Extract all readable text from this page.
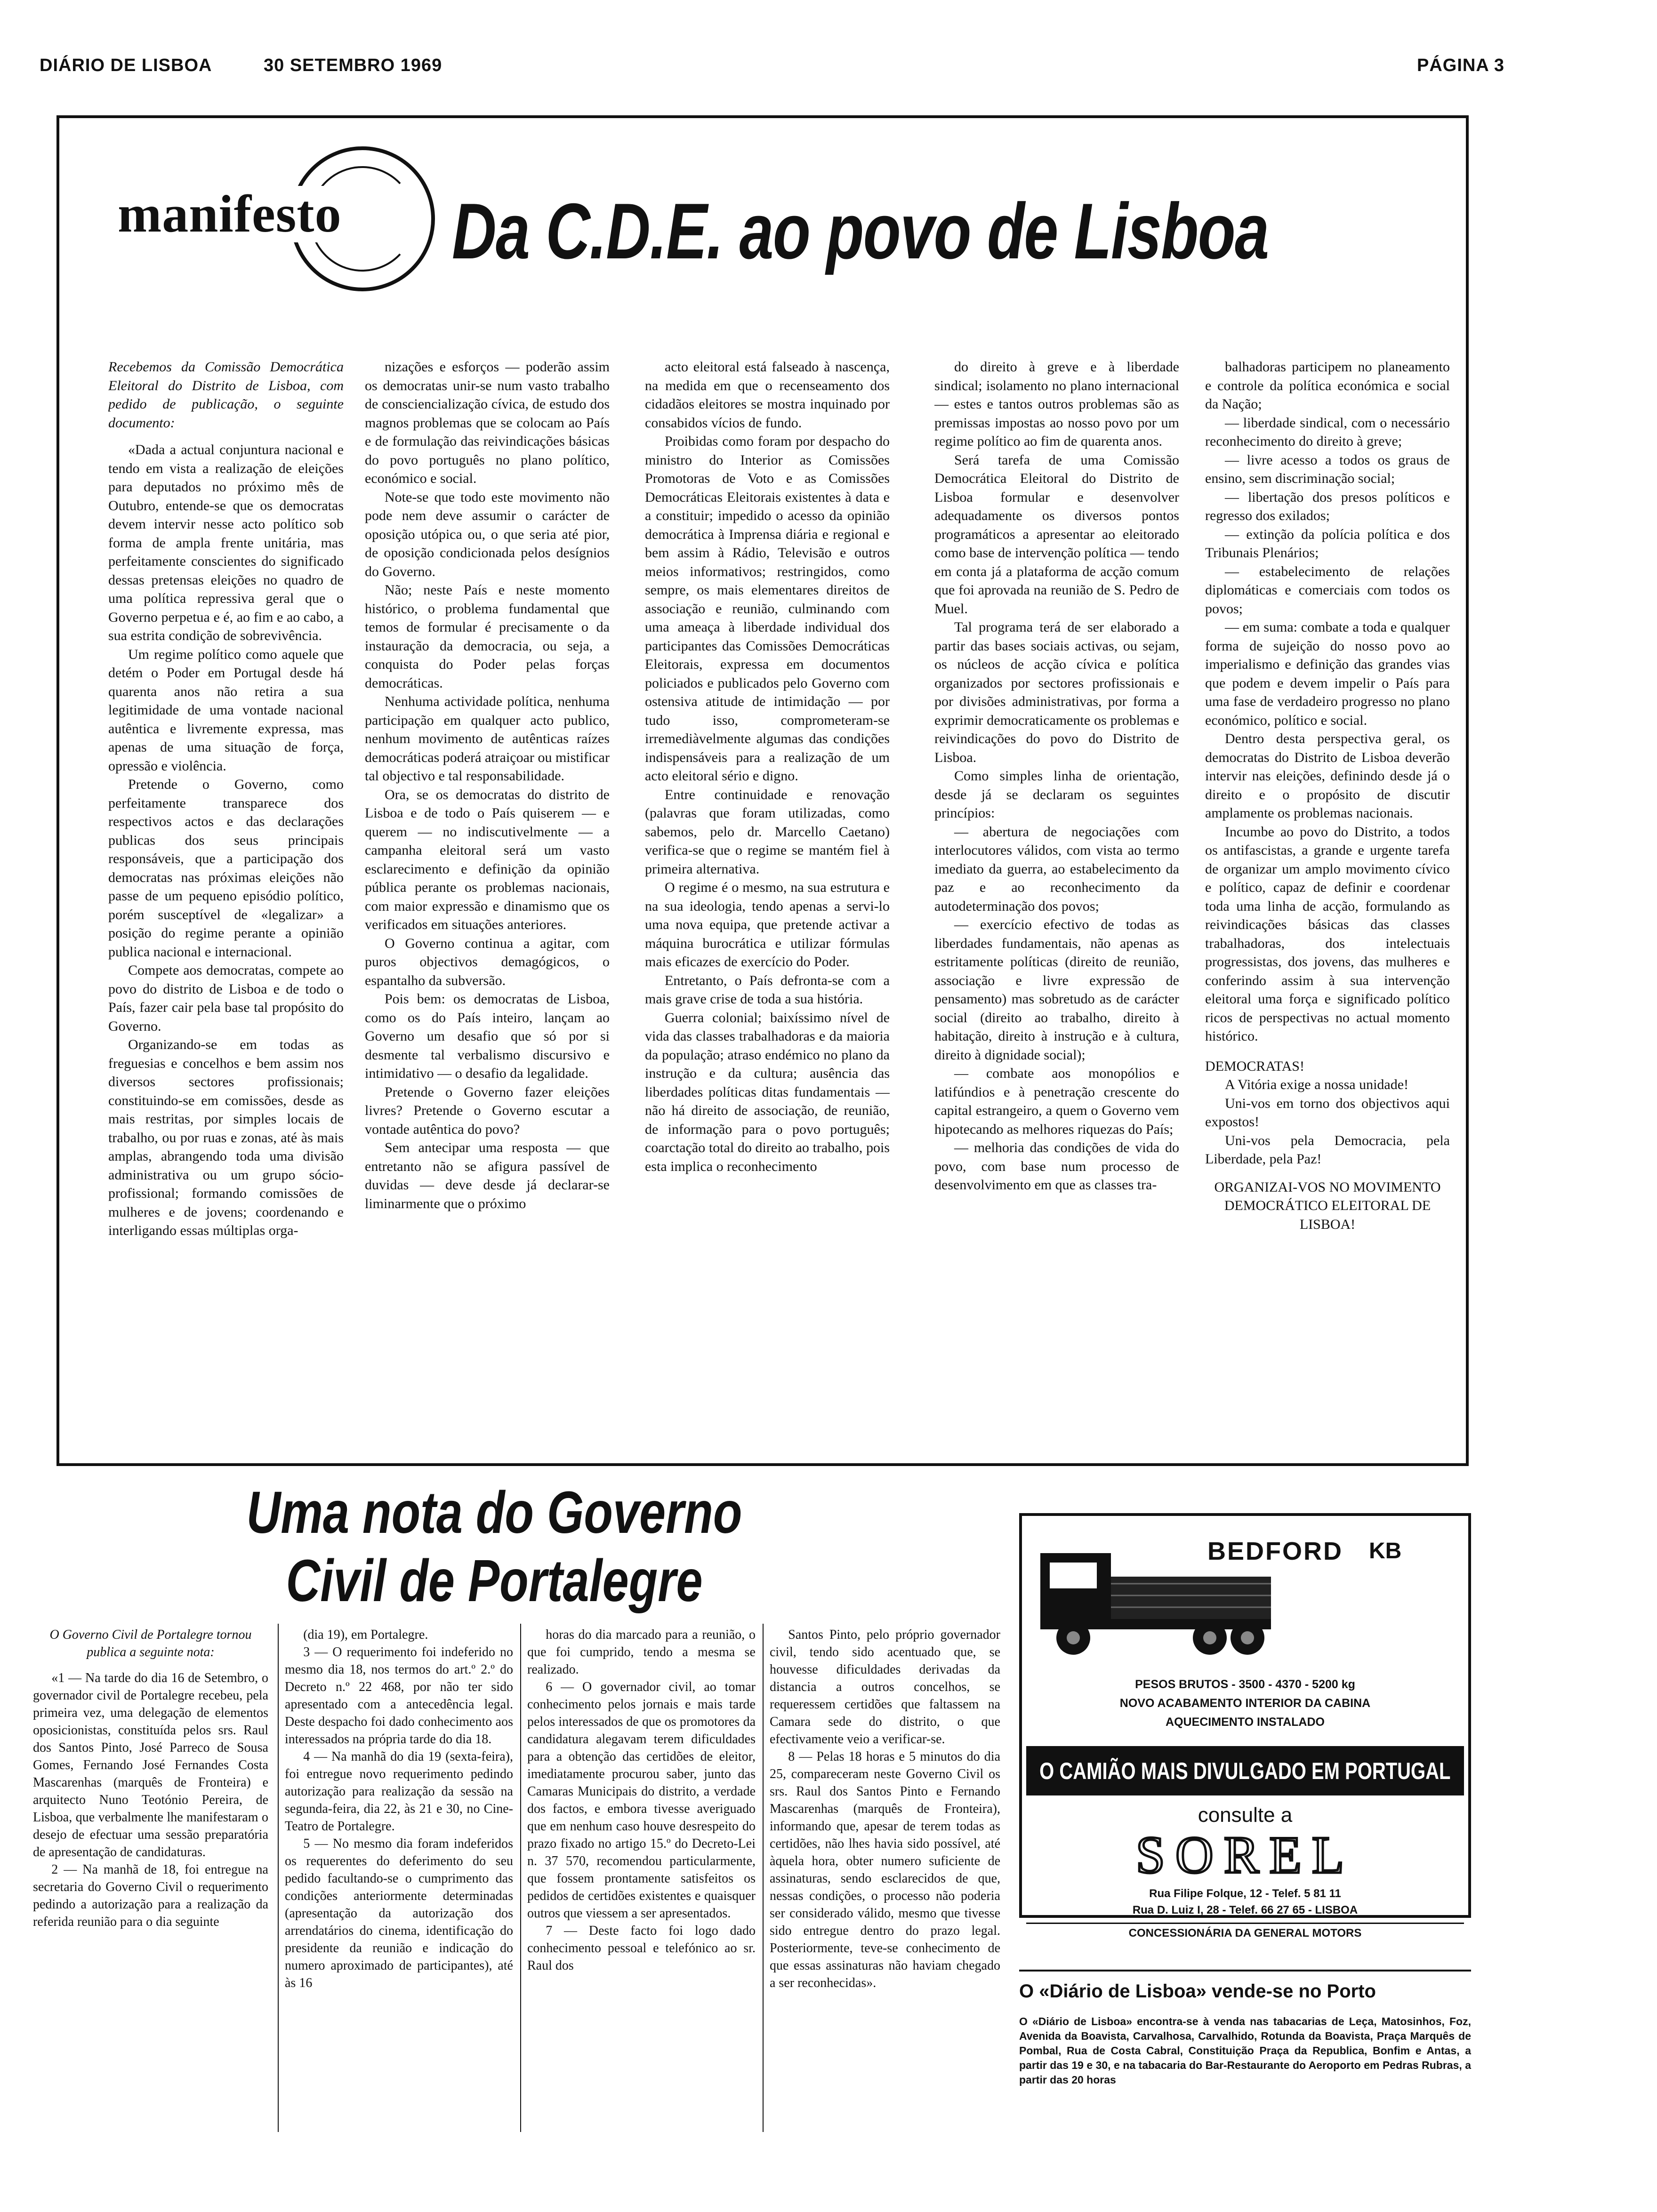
DIÁRIO DE LISBOA	30 SETEMBRO 1969	PÁGINA 3
manifesto Da C.D.E. ao povo de Lisboa

Recebemos da Comissão Democrática Eleitoral do Distrito de Lisboa, com pedido de publicação, o seguinte documento:

«Dada a actual conjuntura nacional e tendo em vista a realização de eleições para deputados no próximo mês de Outubro, entende-se que os democratas devem intervir nesse acto político sob forma de ampla frente unitária, mas perfeitamente conscientes do significado dessas pretensas eleições no quadro de uma política repressiva geral que o Governo perpetua e é, ao fim e ao cabo, a sua estrita condição de sobrevivência.

Um regime político como aquele que detém o Poder em Portugal desde há quarenta anos não retira a sua legitimidade de uma vontade nacional autêntica e livremente expressa, mas apenas de uma situação de força, opressão e violência.

Pretende o Governo, como perfeitamente transparece dos respectivos actos e das declarações publicas dos seus principais responsáveis, que a participação dos democratas nas próximas eleições não passe de um pequeno episódio político, porém susceptível de «legalizar» a posição do regime perante a opinião publica nacional e internacional.

Compete aos democratas, compete ao povo do distrito de Lisboa e de todo o País, fazer cair pela base tal propósito do Governo.

Organizando-se em todas as freguesias e concelhos e bem assim nos diversos sectores profissionais; constituindo-se em comissões, desde as mais restritas, por simples locais de trabalho, ou por ruas e zonas, até às mais amplas, abrangendo toda uma divisão administrativa ou um grupo sócio-profissional; formando comissões de mulheres e de jovens; coordenando e interligando essas múltiplas orga-

nizações e esforços — poderão assim os democratas unir-se num vasto trabalho de consciencialização cívica, de estudo dos magnos problemas que se colocam ao País e de formulação das reivindicações básicas do povo português no plano político, económico e social.

Note-se que todo este movimento não pode nem deve assumir o carácter de oposição utópica ou, o que seria até pior, de oposição condicionada pelos desígnios do Governo.

Não; neste País e neste momento histórico, o problema fundamental que temos de formular é precisamente o da instauração da democracia, ou seja, a conquista do Poder pelas forças democráticas.

Nenhuma actividade política, nenhuma participação em qualquer acto publico, nenhum movimento de autênticas raízes democráticas poderá atraiçoar ou mistificar tal objectivo e tal responsabilidade.

Ora, se os democratas do distrito de Lisboa e de todo o País quiserem — e querem — no indiscutivelmente — a campanha eleitoral será um vasto esclarecimento e definição da opinião pública perante os problemas nacionais, com maior expressão e dinamismo que os verificados em situações anteriores.

O Governo continua a agitar, com puros objectivos demagógicos, o espantalho da subversão.

Pois bem: os democratas de Lisboa, como os do País inteiro, lançam ao Governo um desafio que só por si desmente tal verbalismo discursivo e intimidativo — o desafio da legalidade.

Pretende o Governo fazer eleições livres? Pretende o Governo escutar a vontade autêntica do povo?

Sem antecipar uma resposta — que entretanto não se afigura passível de duvidas — deve desde já declarar-se liminarmente que o próximo

acto eleitoral está falseado à nascença, na medida em que o recenseamento dos cidadãos eleitores se mostra inquinado por consabidos vícios de fundo.

Proibidas como foram por despacho do ministro do Interior as Comissões Promotoras de Voto e as Comissões Democráticas Eleitorais existentes à data e a constituir; impedido o acesso da opinião democrática à Imprensa diária e regional e bem assim à Rádio, Televisão e outros meios informativos; restringidos, como sempre, os mais elementares direitos de associação e reunião, culminando com uma ameaça à liberdade individual dos participantes das Comissões Democráticas Eleitorais, expressa em documentos policiados e publicados pelo Governo com ostensiva atitude de intimidação — por tudo isso, comprometeram-se irremediàvelmente algumas das condições indispensáveis para a realização de um acto eleitoral sério e digno.

Entre continuidade e renovação (palavras que foram utilizadas, como sabemos, pelo dr. Marcello Caetano) verifica-se que o regime se mantém fiel à primeira alternativa.

O regime é o mesmo, na sua estrutura e na sua ideologia, tendo apenas a servi-lo uma nova equipa, que pretende activar a máquina burocrática e utilizar fórmulas mais eficazes de exercício do Poder.

Entretanto, o País defronta-se com a mais grave crise de toda a sua história.

Guerra colonial; baixíssimo nível de vida das classes trabalhadoras e da maioria da população; atraso endémico no plano da instrução e da cultura; ausência das liberdades políticas ditas fundamentais — não há direito de associação, de reunião, de informação para o povo português; coarctação total do direito ao trabalho, pois esta implica o reconhecimento

do direito à greve e à liberdade sindical; isolamento no plano internacional — estes e tantos outros problemas são as premissas impostas ao nosso povo por um regime político ao fim de quarenta anos.

Será tarefa de uma Comissão Democrática Eleitoral do Distrito de Lisboa formular e desenvolver adequadamente os diversos pontos programáticos a apresentar ao eleitorado como base de intervenção política — tendo em conta já a plataforma de acção comum que foi aprovada na reunião de S. Pedro de Muel.

Tal programa terá de ser elaborado a partir das bases sociais activas, ou sejam, os núcleos de acção cívica e política organizados por sectores profissionais e por divisões administrativas, por forma a exprimir democraticamente os problemas e reivindicações do povo do Distrito de Lisboa.

Como simples linha de orientação, desde já se declaram os seguintes princípios:

— abertura de negociações com interlocutores válidos, com vista ao termo imediato da guerra, ao estabelecimento da paz e ao reconhecimento da autodeterminação dos povos;

— exercício efectivo de todas as liberdades fundamentais, não apenas as estritamente políticas (direito de reunião, associação e livre expressão de pensamento) mas sobretudo as de carácter social (direito ao trabalho, direito à habitação, direito à instrução e à cultura, direito à dignidade social);

— combate aos monopólios e latifúndios e à penetração crescente do capital estrangeiro, a quem o Governo vem hipotecando as melhores riquezas do País;

— melhoria das condições de vida do povo, com base num processo de desenvolvimento em que as classes tra-

balhadoras participem no planeamento e controle da política económica e social da Nação;

— liberdade sindical, com o necessário reconhecimento do direito à greve;

— livre acesso a todos os graus de ensino, sem discriminação social;

— libertação dos presos políticos e regresso dos exilados;

— extinção da polícia política e dos Tribunais Plenários;

— estabelecimento de relações diplomáticas e comerciais com todos os povos;

— em suma: combate a toda e qualquer forma de sujeição do nosso povo ao imperialismo e definição das grandes vias que podem e devem impelir o País para uma fase de verdadeiro progresso no plano económico, político e social.

Dentro desta perspectiva geral, os democratas do Distrito de Lisboa deverão intervir nas eleições, definindo desde já o direito e o propósito de discutir amplamente os problemas nacionais.

Incumbe ao povo do Distrito, a todos os antifascistas, a grande e urgente tarefa de organizar um amplo movimento cívico e político, capaz de definir e coordenar toda uma linha de acção, formulando as reivindicações básicas das classes trabalhadoras, dos intelectuais progressistas, dos jovens, das mulheres e conferindo assim à sua intervenção eleitoral uma força e significado político ricos de perspectivas no actual momento histórico.

DEMOCRATAS!

A Vitória exige a nossa unidade!

Uni-vos em torno dos objectivos aqui expostos!

Uni-vos pela Democracia, pela Liberdade, pela Paz!

ORGANIZAI-VOS NO MOVIMENTO DEMOCRÁTICO ELEITORAL DE LISBOA!

Uma nota do Governo
Civil de Portalegre

O Governo Civil de Portalegre tornou publica a seguinte nota:

«1 — Na tarde do dia 16 de Setembro, o governador civil de Portalegre recebeu, pela primeira vez, uma delegação de elementos oposicionistas, constituída pelos srs. Raul dos Santos Pinto, José Parreco de Sousa Gomes, Fernando José Fernandes Costa Mascarenhas (marquês de Fronteira) e arquitecto Nuno Teotónio Pereira, de Lisboa, que verbalmente lhe manifestaram o desejo de efectuar uma sessão preparatória de apresentação de candidaturas.

2 — Na manhã de 18, foi entregue na secretaria do Governo Civil o requerimento pedindo a autorização para a realização da referida reunião para o dia seguinte

(dia 19), em Portalegre.

3 — O requerimento foi indeferido no mesmo dia 18, nos termos do art.º 2.º do Decreto n.º 22 468, por não ter sido apresentado com a antecedência legal. Deste despacho foi dado conhecimento aos interessados na própria tarde do dia 18.

4 — Na manhã do dia 19 (sexta-feira), foi entregue novo requerimento pedindo autorização para realização da sessão na segunda-feira, dia 22, às 21 e 30, no Cine-Teatro de Portalegre.

5 — No mesmo dia foram indeferidos os requerentes do deferimento do seu pedido facultando-se o cumprimento das condições anteriormente determinadas (apresentação da autorização dos arrendatários do cinema, identificação do presidente da reunião e indicação do numero aproximado de participantes), até às 16

horas do dia marcado para a reunião, o que foi cumprido, tendo a mesma se realizado.

6 — O governador civil, ao tomar conhecimento pelos jornais e mais tarde pelos interessados de que os promotores da candidatura alegavam terem dificuldades para a obtenção das certidões de eleitor, imediatamente procurou saber, junto das Camaras Municipais do distrito, a verdade dos factos, e embora tivesse averiguado que em nenhum caso houve desrespeito do prazo fixado no artigo 15.º do Decreto-Lei n. 37 570, recomendou particularmente, que fossem prontamente satisfeitos os pedidos de certidões existentes e quaisquer outros que viessem a ser apresentados.

7 — Deste facto foi logo dado conhecimento pessoal e telefónico ao sr. Raul dos

Santos Pinto, pelo próprio governador civil, tendo sido acentuado que, se houvesse dificuldades derivadas da distancia a outros concelhos, se requeressem certidões que faltassem na Camara sede do distrito, o que efectivamente veio a verificar-se.

8 — Pelas 18 horas e 5 minutos do dia 25, compareceram neste Governo Civil os srs. Raul dos Santos Pinto e Fernando Mascarenhas (marquês de Fronteira), informando que, apesar de terem todas as certidões, não lhes havia sido possível, até àquela hora, obter numero suficiente de assinaturas, sendo esclarecidos de que, nessas condições, o processo não poderia ser considerado válido, mesmo que tivesse sido entregue dentro do prazo legal. Posteriormente, teve-se conhecimento de que essas assinaturas não haviam chegado a ser reconhecidas».

BEDFORD KB
PESOS BRUTOS - 3500 - 4370 - 5200 kg
NOVO ACABAMENTO INTERIOR DA CABINA
AQUECIMENTO INSTALADO
O CAMIÃO MAIS DIVULGADO EM PORTUGAL
consulte a
SOREL
Rua Filipe Folque, 12 - Telef. 5 81 11
Rua D. Luiz I, 28 - Telef. 66 27 65 - LISBOA
CONCESSIONÁRIA DA GENERAL MOTORS
O «Diário de Lisboa» vende-se no Porto
O «Diário de Lisboa» encontra-se à venda nas tabacarias de Leça, Matosinhos, Foz, Avenida da Boavista, Carvalhosa, Carvalhido, Rotunda da Boavista, Praça Marquês de Pombal, Rua de Costa Cabral, Constituição Praça da Republica, Bonfim e Antas, a partir das 19 e 30, e na tabacaria do Bar-Restaurante do Aeroporto em Pedras Rubras, a partir das 20 horas
